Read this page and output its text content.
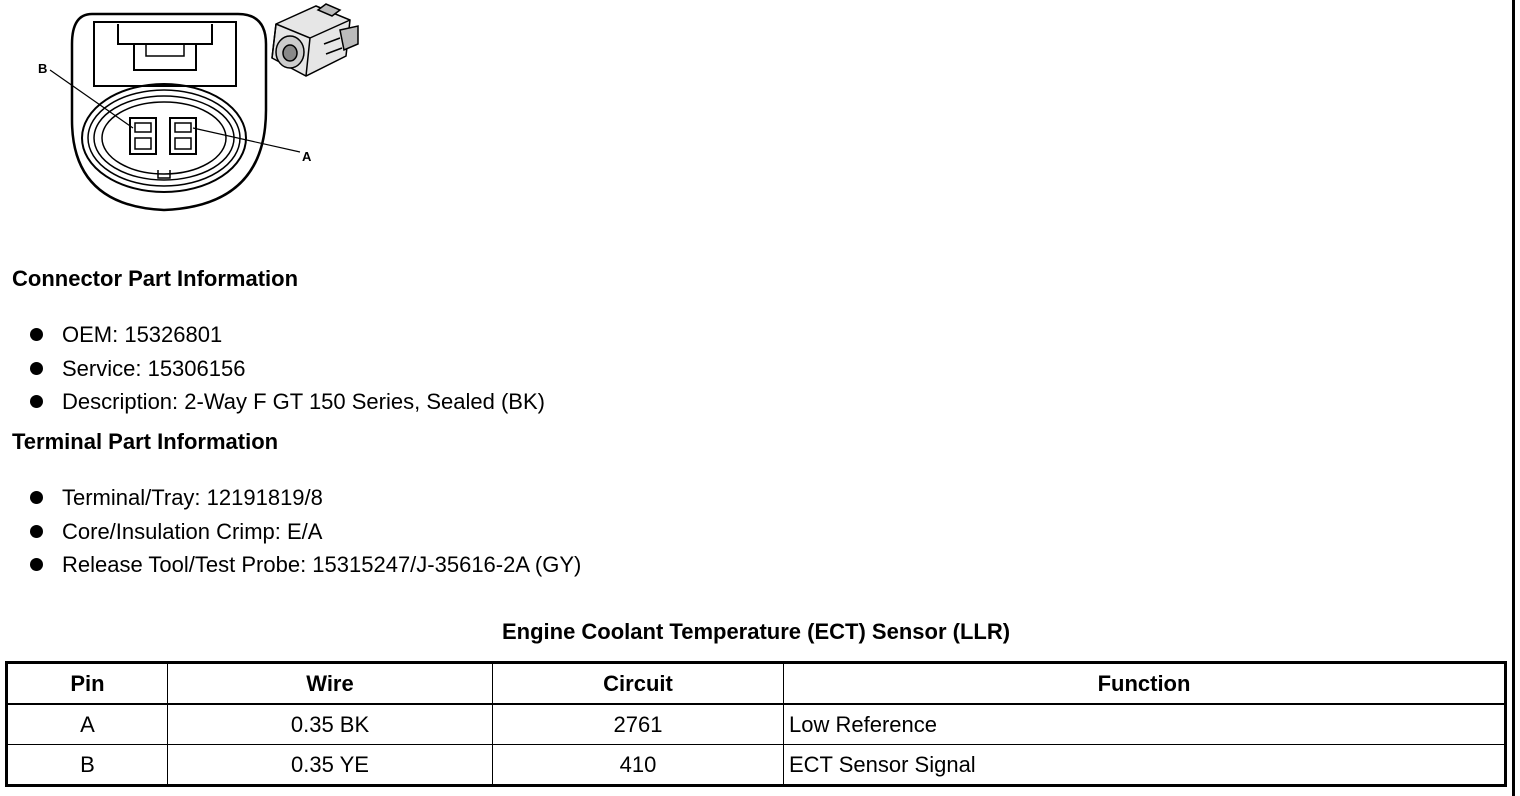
B
A
Connector Part Information
OEM: 15326801
Service: 15306156
Description: 2-Way F GT 150 Series, Sealed (BK)
Terminal Part Information
Terminal/Tray: 12191819/8
Core/Insulation Crimp: E/A
Release Tool/Test Probe: 15315247/J-35616-2A (GY)
Engine Coolant Temperature (ECT) Sensor (LLR)
Pin	Wire	Circuit	Function
A	0.35 BK	2761	Low Reference
B	0.35 YE	410	ECT Sensor Signal
